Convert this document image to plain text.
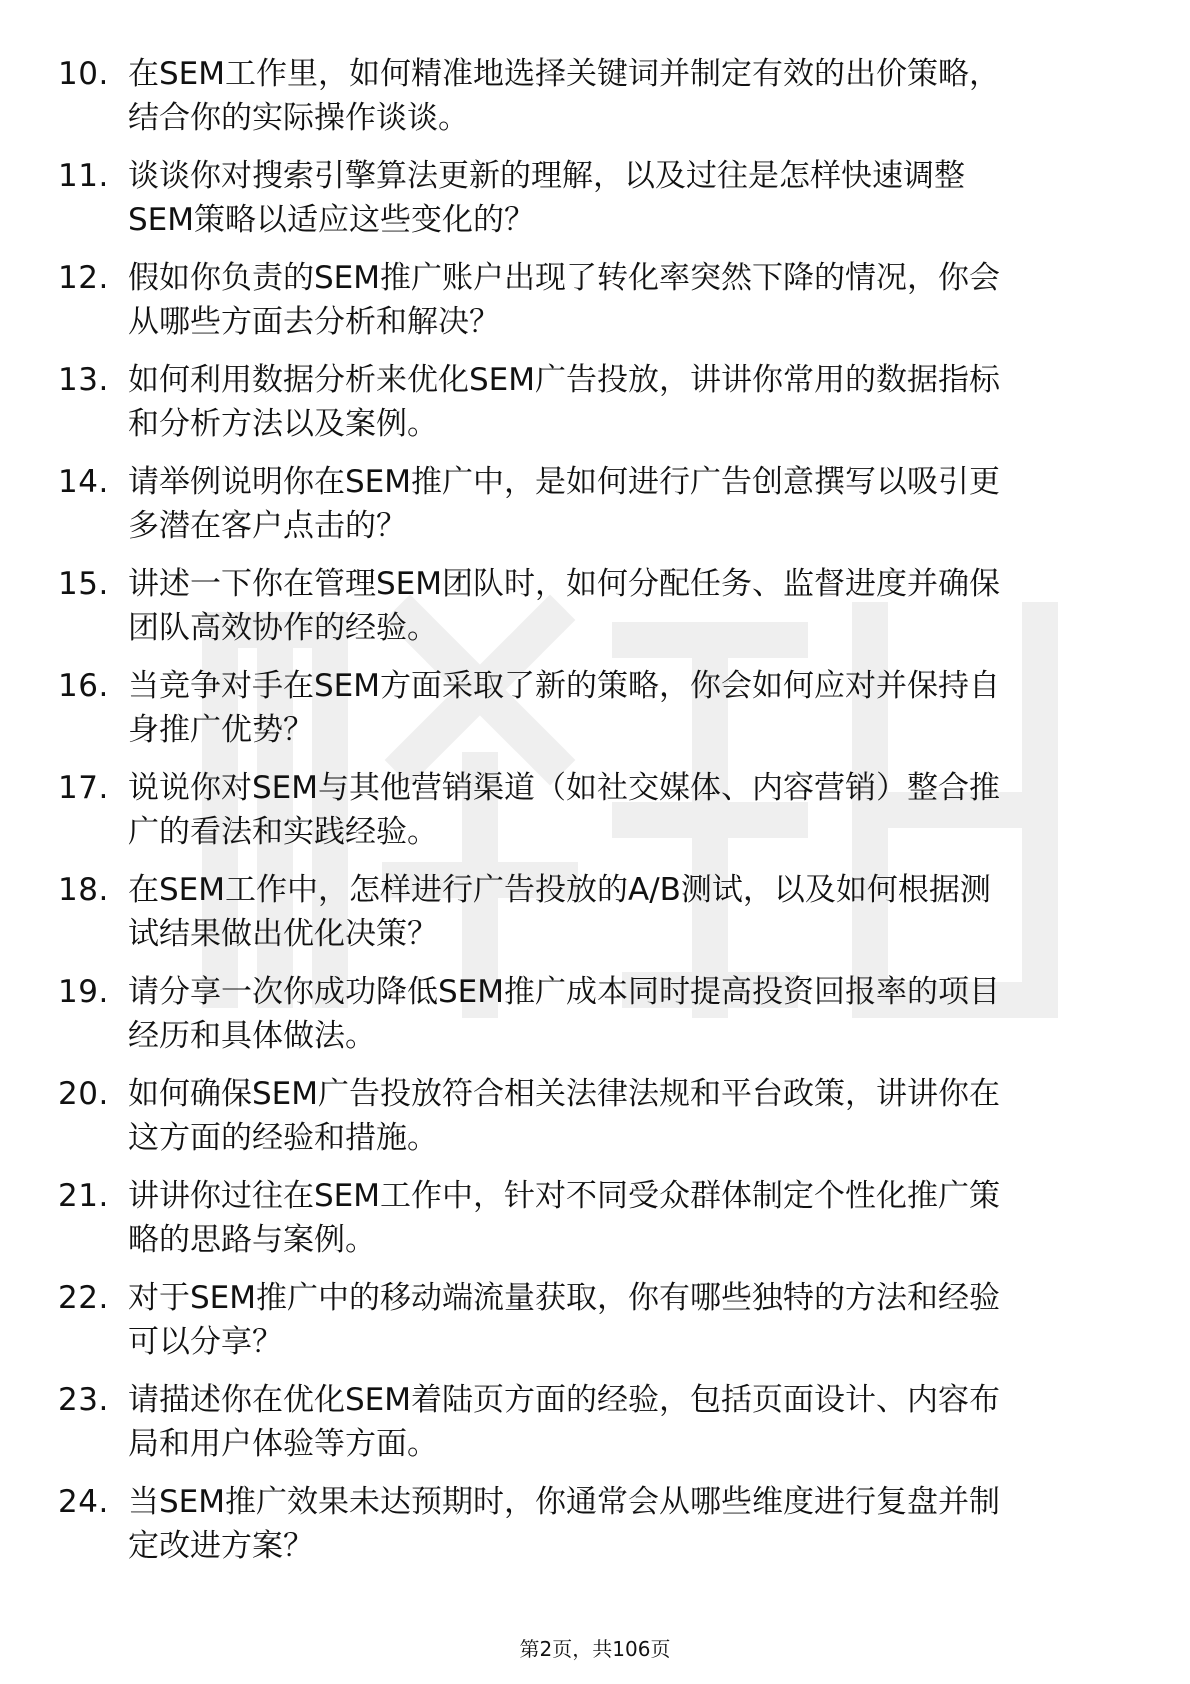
10. 在SEM工作里，如何精准地选择关键词并制定有效的出价策略，
结合你的实际操作谈谈。
11. 谈谈你对搜索引擎算法更新的理解，以及过往是怎样快速调整
SEM策略以适应这些变化的？
12. 假如你负责的SEM推广账户出现了转化率突然下降的情况，你会
从哪些方面去分析和解决？
13. 如何利用数据分析来优化SEM广告投放，讲讲你常用的数据指标
和分析方法以及案例。
14. 请举例说明你在SEM推广中，是如何进行广告创意撰写以吸引更
多潜在客户点击的？
15. 讲述一下你在管理SEM团队时，如何分配任务、监督进度并确保
团队高效协作的经验。
16. 当竞争对手在SEM方面采取了新的策略，你会如何应对并保持自
身推广优势？
17. 说说你对SEM与其他营销渠道（如社交媒体、内容营销）整合推
广的看法和实践经验。
18. 在SEM工作中，怎样进行广告投放的A/B测试，以及如何根据测
试结果做出优化决策？
19. 请分享一次你成功降低SEM推广成本同时提高投资回报率的项目
经历和具体做法。
20. 如何确保SEM广告投放符合相关法律法规和平台政策，讲讲你在
这方面的经验和措施。
21. 讲讲你过往在SEM工作中，针对不同受众群体制定个性化推广策
略的思路与案例。
22. 对于SEM推广中的移动端流量获取，你有哪些独特的方法和经验
可以分享？
23. 请描述你在优化SEM着陆页方面的经验，包括页面设计、内容布
局和用户体验等方面。
24. 当SEM推广效果未达预期时，你通常会从哪些维度进行复盘并制
定改进方案？
第2页，共106页
